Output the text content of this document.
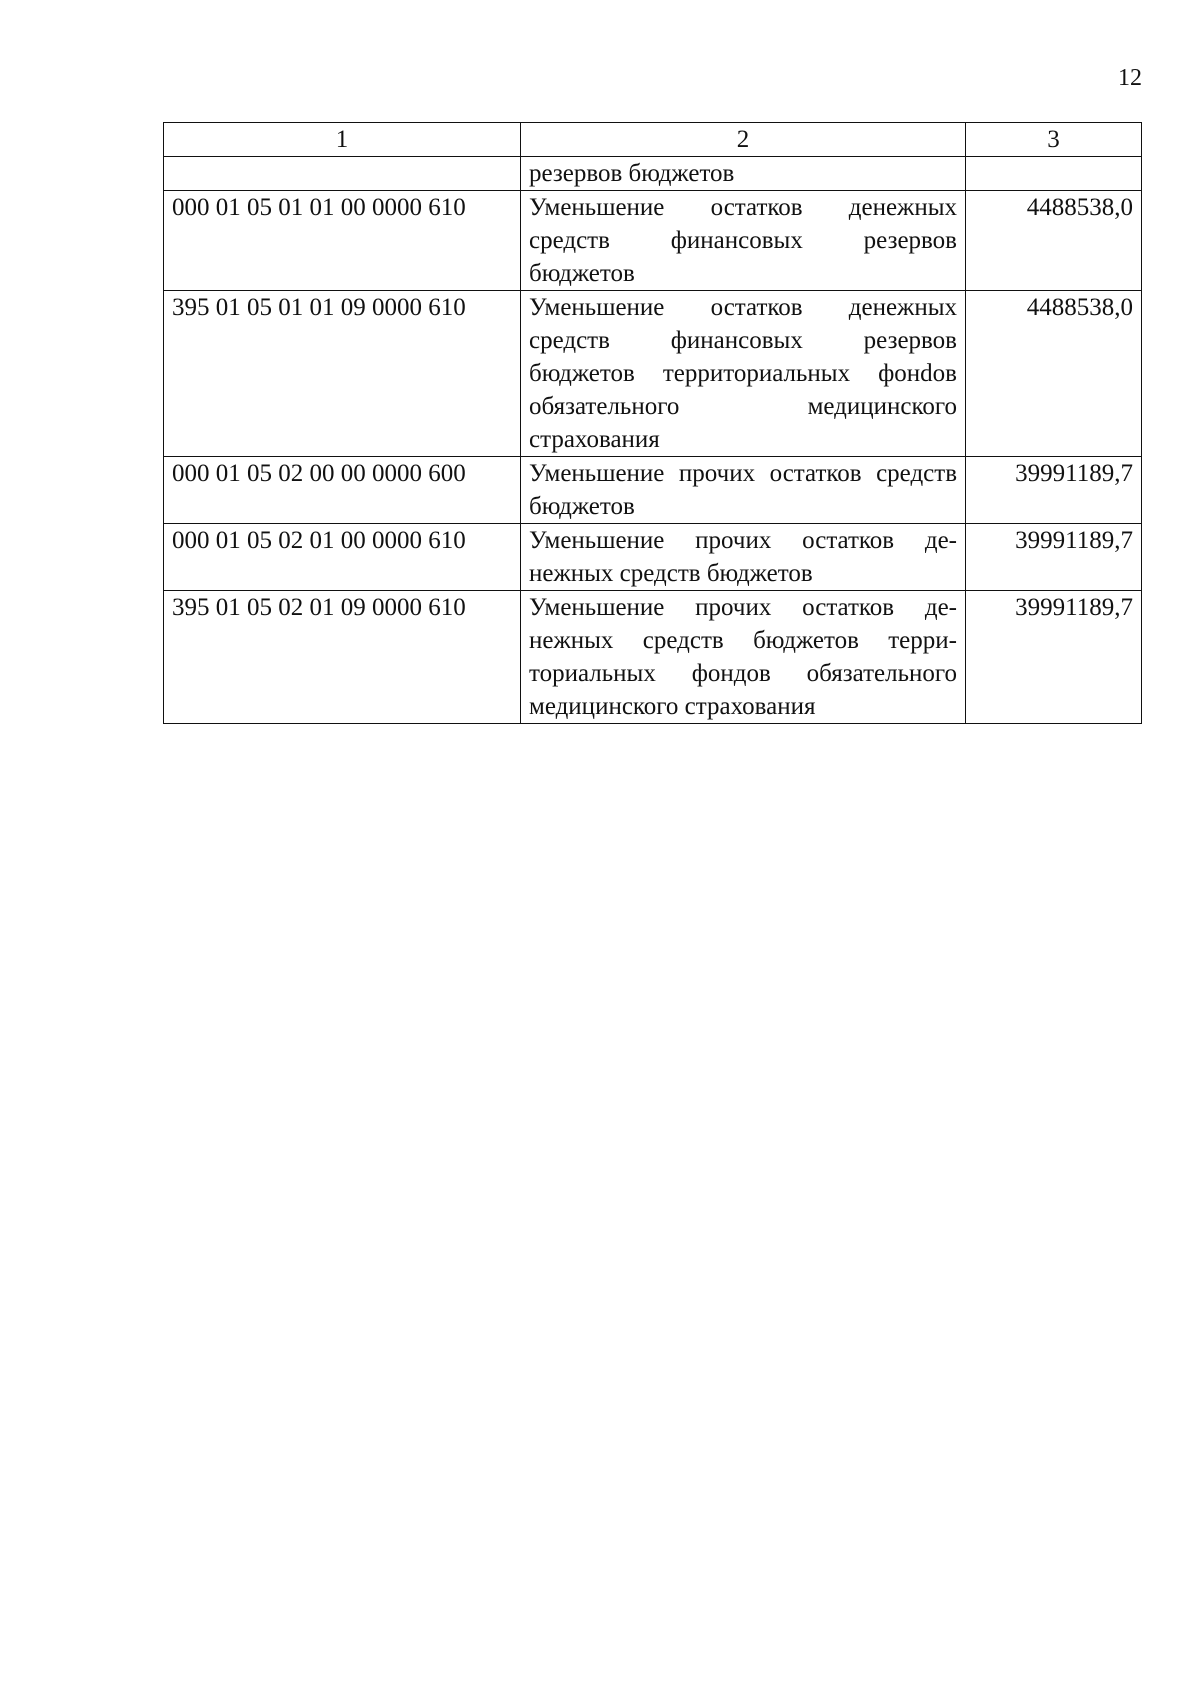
12
1	2	3
	резервов бюджетов	
000 01 05 01 01 00 0000 610	Уменьшение остатков денежных средств финансовых резервов бюджетов	4488538,0
395 01 05 01 01 09 0000 610	Уменьшение остатков денежных средств финансовых резервов бюджетов территориальных фонdов обязательного медицинского страхования	4488538,0
000 01 05 02 00 00 0000 600	Уменьшение прочих остатков средств бюджетов	39991189,7
000 01 05 02 01 00 0000 610	Уменьшение прочих остатков денежных средств бюджетов	39991189,7
395 01 05 02 01 09 0000 610	Уменьшение прочих остатков денежных средств бюджетов территориальных фондов обязательного медицинского страхования	39991189,7
